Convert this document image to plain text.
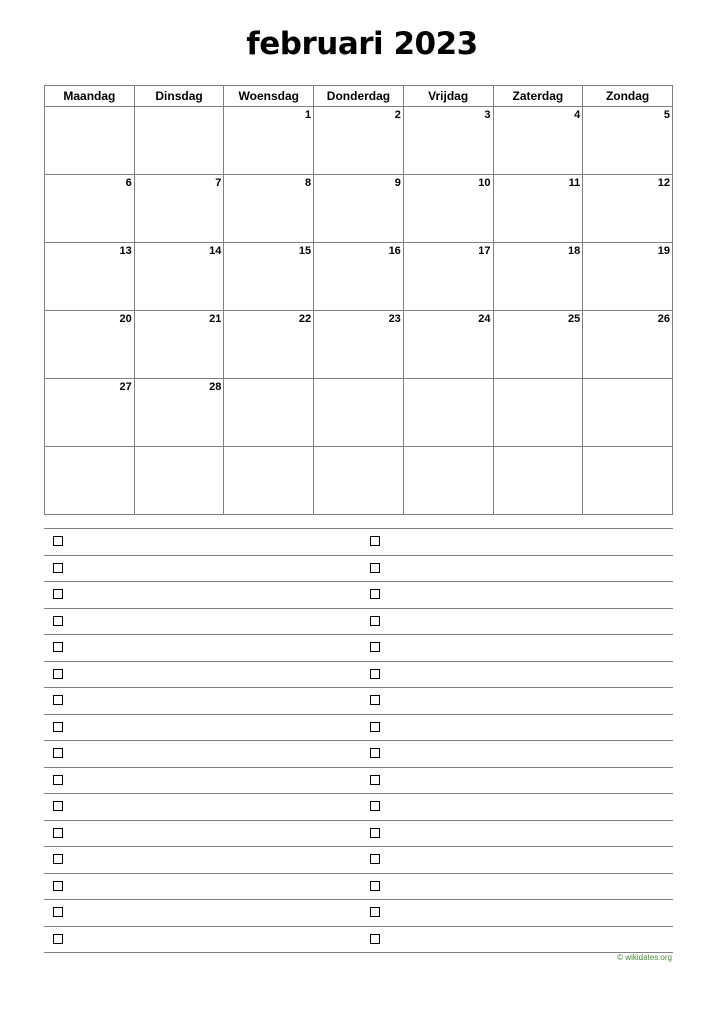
februari 2023
Maandag	Dinsdag	Woensdag	Donderdag	Vrijdag	Zaterdag	Zondag

		1	2	3	4	5

6	7	8	9	10	11	12

13	14	15	16	17	18	19

20	21	22	23	24	25	26

27	28					

© wikidates.org
